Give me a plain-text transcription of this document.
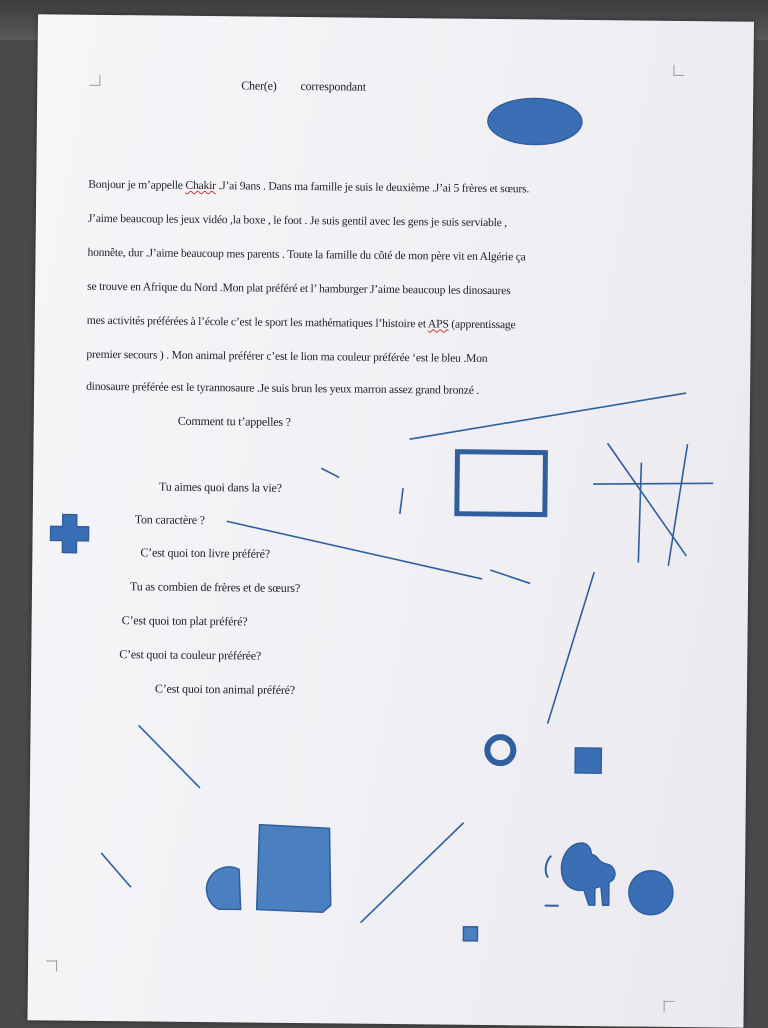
Cher(e) correspondant
Bonjour je m’appelle Chakir .J’ai 9ans . Dans ma famille je suis le deuxième .J’ai 5 frères et sœurs.
J’aime beaucoup les jeux vidéo ,la boxe , le foot . Je suis gentil avec les gens je suis serviable ,
honnête, dur .J’aime beaucoup mes parents . Toute la famille du côté de mon père vit en Algérie ça
se trouve en Afrique du Nord .Mon plat préféré et l’ hamburger J’aime beaucoup les dinosaures
mes activités préférées à l’école c’est le sport les mathématiques l’histoire et APS (apprentissage
premier secours ) . Mon animal préférer c’est le lion ma couleur préférée ‘est le bleu .Mon
dinosaure préférée est le tyrannosaure .Je suis brun les yeux marron assez grand bronzé .
Comment tu t’appelles ?
Tu aimes quoi dans la vie?
Ton caractère ?
C’est quoi ton livre préféré?
Tu as combien de frères et de sœurs?
C’est quoi ton plat préféré?
C’est quoi ta couleur préférée?
C’est quoi ton animal préféré?
